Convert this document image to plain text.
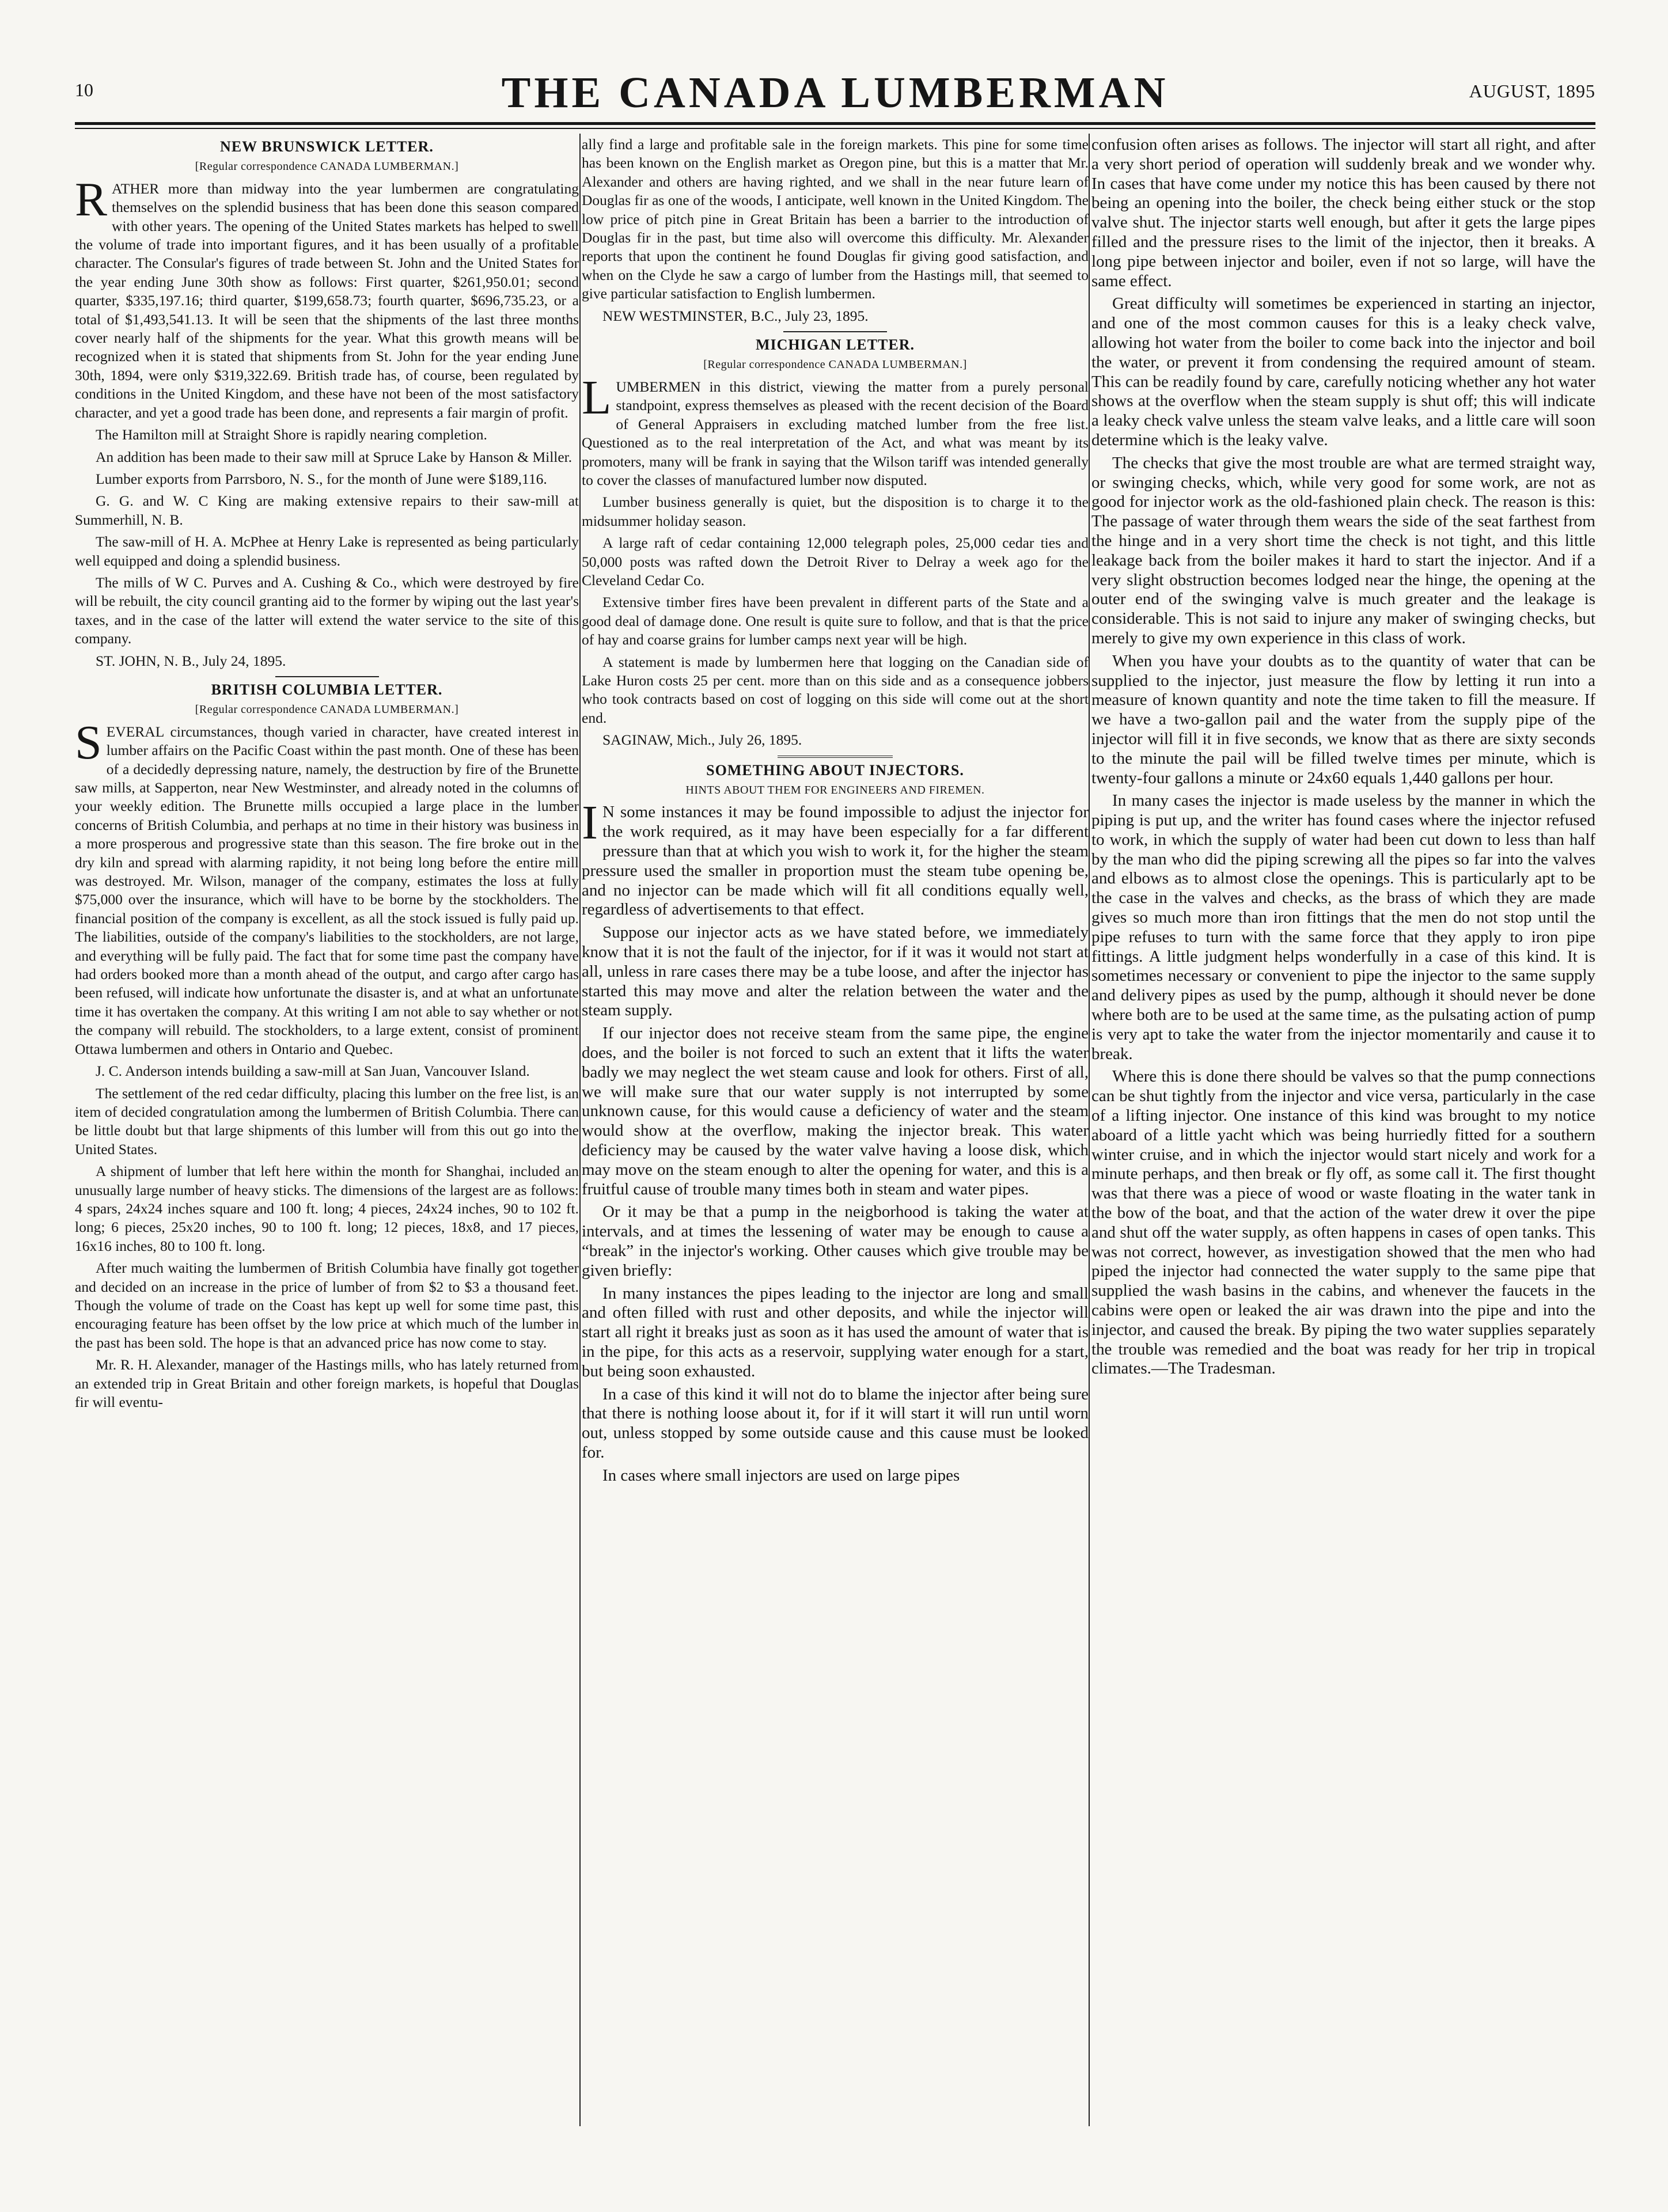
10	THE CANADA LUMBERMAN	AUGUST, 1895
NEW BRUNSWICK LETTER.
[Regular correspondence CANADA LUMBERMAN.]

RATHER more than midway into the year lumbermen are congratulating themselves on the splendid business that has been done this season compared with other years. The opening of the United States markets has helped to swell the volume of trade into important figures, and it has been usually of a profitable character. The Consular's figures of trade between St. John and the United States for the year ending June 30th show as follows: First quarter, $261,950.01; second quarter, $335,197.16; third quarter, $199,658.73; fourth quarter, $696,735.23, or a total of $1,493,541.13. It will be seen that the shipments of the last three months cover nearly half of the shipments for the year. What this growth means will be recognized when it is stated that shipments from St. John for the year ending June 30th, 1894, were only $319,322.69. British trade has, of course, been regulated by conditions in the United Kingdom, and these have not been of the most satisfactory character, and yet a good trade has been done, and represents a fair margin of profit.

The Hamilton mill at Straight Shore is rapidly nearing completion.

An addition has been made to their saw mill at Spruce Lake by Hanson & Miller.

Lumber exports from Parrsboro, N. S., for the month of June were $189,116.

G. G. and W. C King are making extensive repairs to their saw-mill at Summerhill, N. B.

The saw-mill of H. A. McPhee at Henry Lake is represented as being particularly well equipped and doing a splendid business.

The mills of W C. Purves and A. Cushing & Co., which were destroyed by fire will be rebuilt, the city council granting aid to the former by wiping out the last year's taxes, and in the case of the latter will extend the water service to the site of this company.

ST. JOHN, N. B., July 24, 1895.
BRITISH COLUMBIA LETTER.
[Regular correspondence CANADA LUMBERMAN.]

SEVERAL circumstances, though varied in character, have created interest in lumber affairs on the Pacific Coast within the past month. One of these has been of a decidedly depressing nature, namely, the destruction by fire of the Brunette saw mills, at Sapperton, near New Westminster, and already noted in the columns of your weekly edition. The Brunette mills occupied a large place in the lumber concerns of British Columbia, and perhaps at no time in their history was business in a more prosperous and progressive state than this season. The fire broke out in the dry kiln and spread with alarming rapidity, it not being long before the entire mill was destroyed. Mr. Wilson, manager of the company, estimates the loss at fully $75,000 over the insurance, which will have to be borne by the stockholders. The financial position of the company is excellent, as all the stock issued is fully paid up. The liabilities, outside of the company's liabilities to the stockholders, are not large, and everything will be fully paid. The fact that for some time past the company have had orders booked more than a month ahead of the output, and cargo after cargo has been refused, will indicate how unfortunate the disaster is, and at what an unfortunate time it has overtaken the company. At this writing I am not able to say whether or not the company will rebuild. The stockholders, to a large extent, consist of prominent Ottawa lumbermen and others in Ontario and Quebec.

J. C. Anderson intends building a saw-mill at San Juan, Vancouver Island.

The settlement of the red cedar difficulty, placing this lumber on the free list, is an item of decided congratulation among the lumbermen of British Columbia. There can be little doubt but that large shipments of this lumber will from this out go into the United States.

A shipment of lumber that left here within the month for Shanghai, included an unusually large number of heavy sticks. The dimensions of the largest are as follows: 4 spars, 24x24 inches square and 100 ft. long; 4 pieces, 24x24 inches, 90 to 102 ft. long; 6 pieces, 25x20 inches, 90 to 100 ft. long; 12 pieces, 18x8, and 17 pieces, 16x16 inches, 80 to 100 ft. long.

After much waiting the lumbermen of British Columbia have finally got together and decided on an increase in the price of lumber of from $2 to $3 a thousand feet. Though the volume of trade on the Coast has kept up well for some time past, this encouraging feature has been offset by the low price at which much of the lumber in the past has been sold. The hope is that an advanced price has now come to stay.

Mr. R. H. Alexander, manager of the Hastings mills, who has lately returned from an extended trip in Great Britain and other foreign markets, is hopeful that Douglas fir will eventu-

ally find a large and profitable sale in the foreign markets. This pine for some time has been known on the English market as Oregon pine, but this is a matter that Mr. Alexander and others are having righted, and we shall in the near future learn of Douglas fir as one of the woods, I anticipate, well known in the United Kingdom. The low price of pitch pine in Great Britain has been a barrier to the introduction of Douglas fir in the past, but time also will overcome this difficulty. Mr. Alexander reports that upon the continent he found Douglas fir giving good satisfaction, and when on the Clyde he saw a cargo of lumber from the Hastings mill, that seemed to give particular satisfaction to English lumbermen.

NEW WESTMINSTER, B.C., July 23, 1895.
MICHIGAN LETTER.
[Regular correspondence CANADA LUMBERMAN.]

LUMBERMEN in this district, viewing the matter from a purely personal standpoint, express themselves as pleased with the recent decision of the Board of General Appraisers in excluding matched lumber from the free list. Questioned as to the real interpretation of the Act, and what was meant by its promoters, many will be frank in saying that the Wilson tariff was intended generally to cover the classes of manufactured lumber now disputed.

Lumber business generally is quiet, but the disposition is to charge it to the midsummer holiday season.

A large raft of cedar containing 12,000 telegraph poles, 25,000 cedar ties and 50,000 posts was rafted down the Detroit River to Delray a week ago for the Cleveland Cedar Co.

Extensive timber fires have been prevalent in different parts of the State and a good deal of damage done. One result is quite sure to follow, and that is that the price of hay and coarse grains for lumber camps next year will be high.

A statement is made by lumbermen here that logging on the Canadian side of Lake Huron costs 25 per cent. more than on this side and as a consequence jobbers who took contracts based on cost of logging on this side will come out at the short end.

SAGINAW, Mich., July 26, 1895.
SOMETHING ABOUT INJECTORS.
HINTS ABOUT THEM FOR ENGINEERS AND FIREMEN.

IN some instances it may be found impossible to adjust the injector for the work required, as it may have been especially for a far different pressure than that at which you wish to work it, for the higher the steam pressure used the smaller in proportion must the steam tube opening be, and no injector can be made which will fit all conditions equally well, regardless of advertisements to that effect.

Suppose our injector acts as we have stated before, we immediately know that it is not the fault of the injector, for if it was it would not start at all, unless in rare cases there may be a tube loose, and after the injector has started this may move and alter the relation between the water and the steam supply.

If our injector does not receive steam from the same pipe, the engine does, and the boiler is not forced to such an extent that it lifts the water badly we may neglect the wet steam cause and look for others. First of all, we will make sure that our water supply is not interrupted by some unknown cause, for this would cause a deficiency of water and the steam would show at the overflow, making the injector break. This water deficiency may be caused by the water valve having a loose disk, which may move on the steam enough to alter the opening for water, and this is a fruitful cause of trouble many times both in steam and water pipes.

Or it may be that a pump in the neigborhood is taking the water at intervals, and at times the lessening of water may be enough to cause a “break” in the injector's working. Other causes which give trouble may be given briefly:

In many instances the pipes leading to the injector are long and small and often filled with rust and other deposits, and while the injector will start all right it breaks just as soon as it has used the amount of water that is in the pipe, for this acts as a reservoir, supplying water enough for a start, but being soon exhausted.

In a case of this kind it will not do to blame the injector after being sure that there is nothing loose about it, for if it will start it will run until worn out, unless stopped by some outside cause and this cause must be looked for.

In cases where small injectors are used on large pipes

confusion often arises as follows. The injector will start all right, and after a very short period of operation will suddenly break and we wonder why. In cases that have come under my notice this has been caused by there not being an opening into the boiler, the check being either stuck or the stop valve shut. The injector starts well enough, but after it gets the large pipes filled and the pressure rises to the limit of the injector, then it breaks. A long pipe between injector and boiler, even if not so large, will have the same effect.

Great difficulty will sometimes be experienced in starting an injector, and one of the most common causes for this is a leaky check valve, allowing hot water from the boiler to come back into the injector and boil the water, or prevent it from condensing the required amount of steam. This can be readily found by care, carefully noticing whether any hot water shows at the overflow when the steam supply is shut off; this will indicate a leaky check valve unless the steam valve leaks, and a little care will soon determine which is the leaky valve.

The checks that give the most trouble are what are termed straight way, or swinging checks, which, while very good for some work, are not as good for injector work as the old-fashioned plain check. The reason is this: The passage of water through them wears the side of the seat farthest from the hinge and in a very short time the check is not tight, and this little leakage back from the boiler makes it hard to start the injector. And if a very slight obstruction becomes lodged near the hinge, the opening at the outer end of the swinging valve is much greater and the leakage is considerable. This is not said to injure any maker of swinging checks, but merely to give my own experience in this class of work.

When you have your doubts as to the quantity of water that can be supplied to the injector, just measure the flow by letting it run into a measure of known quantity and note the time taken to fill the measure. If we have a two-gallon pail and the water from the supply pipe of the injector will fill it in five seconds, we know that as there are sixty seconds to the minute the pail will be filled twelve times per minute, which is twenty-four gallons a minute or 24x60 equals 1,440 gallons per hour.

In many cases the injector is made useless by the manner in which the piping is put up, and the writer has found cases where the injector refused to work, in which the supply of water had been cut down to less than half by the man who did the piping screwing all the pipes so far into the valves and elbows as to almost close the openings. This is particularly apt to be the case in the valves and checks, as the brass of which they are made gives so much more than iron fittings that the men do not stop until the pipe refuses to turn with the same force that they apply to iron pipe fittings. A little judgment helps wonderfully in a case of this kind. It is sometimes necessary or convenient to pipe the injector to the same supply and delivery pipes as used by the pump, although it should never be done where both are to be used at the same time, as the pulsating action of pump is very apt to take the water from the injector momentarily and cause it to break.

Where this is done there should be valves so that the pump connections can be shut tightly from the injector and vice versa, particularly in the case of a lifting injector. One instance of this kind was brought to my notice aboard of a little yacht which was being hurriedly fitted for a southern winter cruise, and in which the injector would start nicely and work for a minute perhaps, and then break or fly off, as some call it. The first thought was that there was a piece of wood or waste floating in the water tank in the bow of the boat, and that the action of the water drew it over the pipe and shut off the water supply, as often happens in cases of open tanks. This was not correct, however, as investigation showed that the men who had piped the injector had connected the water supply to the same pipe that supplied the wash basins in the cabins, and whenever the faucets in the cabins were open or leaked the air was drawn into the pipe and into the injector, and caused the break. By piping the two water supplies separately the trouble was remedied and the boat was ready for her trip in tropical climates.—The Tradesman.
